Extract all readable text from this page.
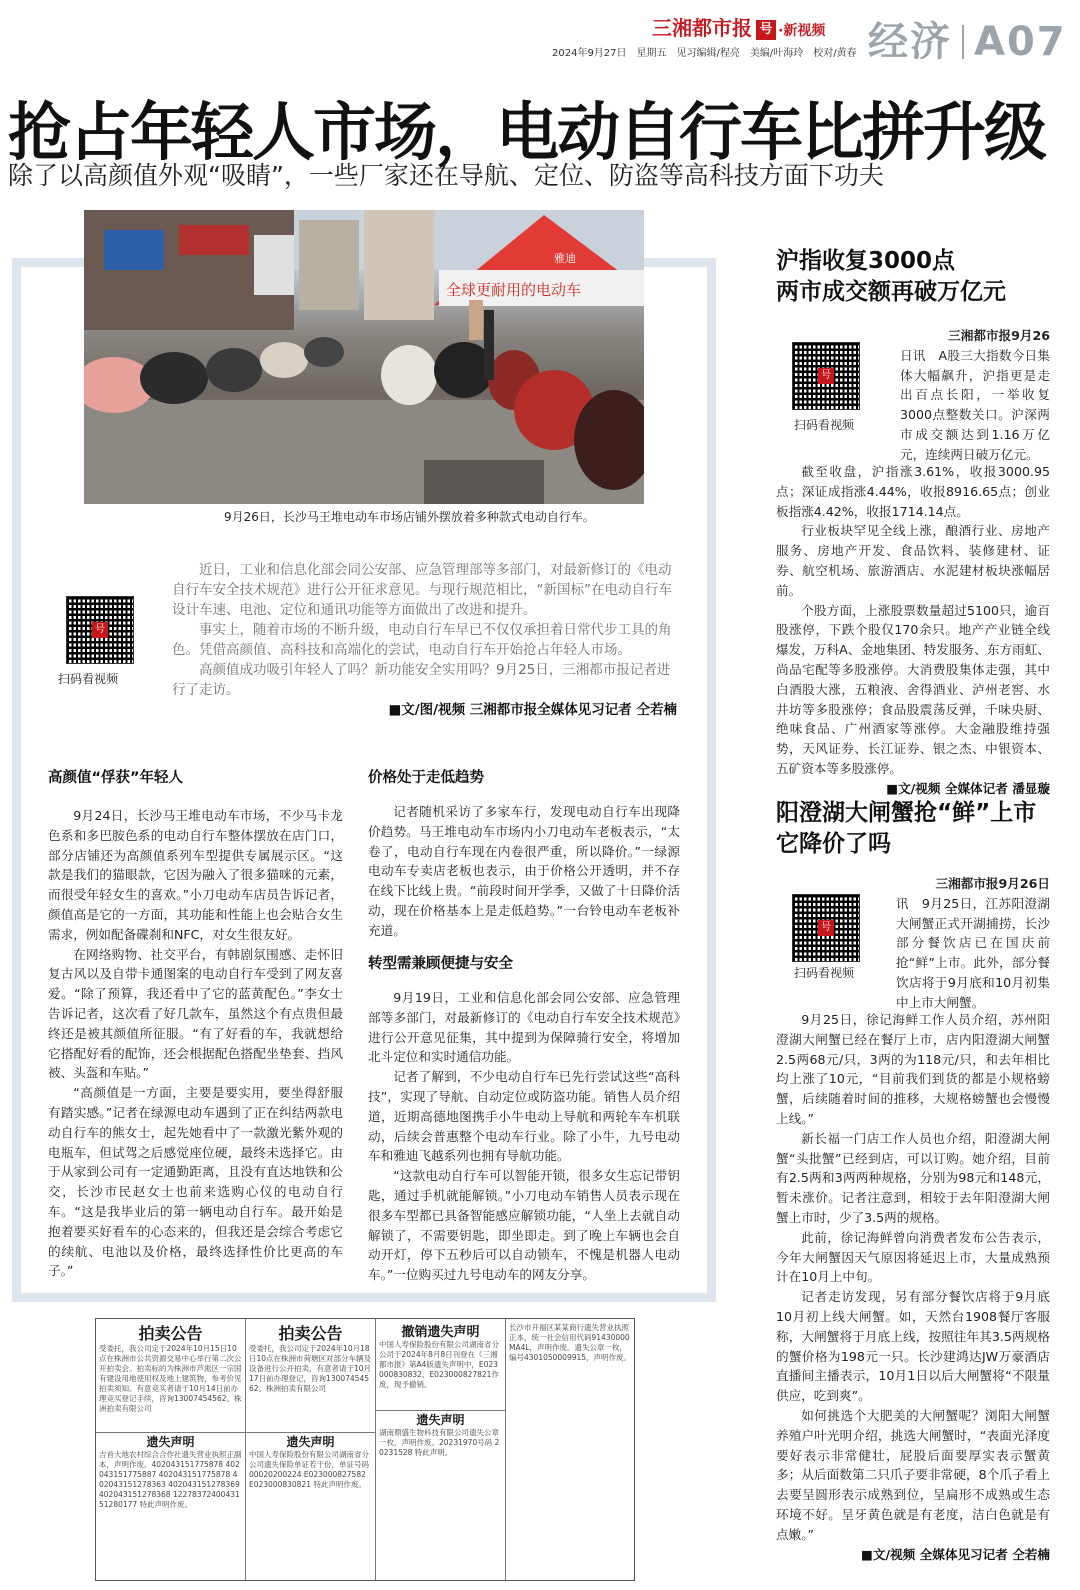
三湘都市报 号 ·新视频
2024年9月27日　星期五　见习编辑/程亮　美编/叶海玲　校对/黄春 经济 A07
抢占年轻人市场，电动自行车比拼升级
除了以高颜值外观“吸睛”，一些厂家还在导航、定位、防盗等高科技方面下功夫
全球更耐用的电动车
雅迪
9月26日，长沙马王堆电动车市场店铺外摆放着多种款式电动自行车。
号
扫码看视频

近日，工业和信息化部会同公安部、应急管理部等多部门，对最新修订的《电动自行车安全技术规范》进行公开征求意见。与现行规范相比，“新国标”在电动自行车设计车速、电池、定位和通讯功能等方面做出了改进和提升。

事实上，随着市场的不断升级，电动自行车早已不仅仅承担着日常代步工具的角色。凭借高颜值、高科技和高端化的尝试，电动自行车开始抢占年轻人市场。

高颜值成功吸引年轻人了吗？新功能安全实用吗？9月25日，三湘都市报记者进行了走访。

■文/图/视频 三湘都市报全媒体见习记者 仝若楠
高颜值“俘获”年轻人

9月24日，长沙马王堆电动车市场，不少马卡龙色系和多巴胺色系的电动自行车整体摆放在店门口，部分店铺还为高颜值系列车型提供专属展示区。“这款是我们的猫眼款，它因为融入了很多猫咪的元素，而很受年轻女生的喜欢。”小刀电动车店员告诉记者，颜值高是它的一方面，其功能和性能上也会贴合女生需求，例如配备碟刹和NFC，对女生很友好。

在网络购物、社交平台，有韩剧氛围感、走怀旧复古风以及自带卡通图案的电动自行车受到了网友喜爱。“除了预算，我还看中了它的蓝黄配色。”李女士告诉记者，这次看了好几款车，虽然这个有点贵但最终还是被其颜值所征服。“有了好看的车，我就想给它搭配好看的配饰，还会根据配色搭配坐垫套、挡风被、头盔和车贴。”

“高颜值是一方面，主要是要实用，要坐得舒服有踏实感。”记者在绿源电动车遇到了正在纠结两款电动自行车的熊女士，起先她看中了一款激光紫外观的电瓶车，但试驾之后感觉座位硬，最终未选择它。由于从家到公司有一定通勤距离，且没有直达地铁和公交，长沙市民赵女士也前来选购心仪的电动自行车。“这是我毕业后的第一辆电动自行车。最开始是抱着要买好看车的心态来的，但我还是会综合考虑它的续航、电池以及价格，最终选择性价比更高的车子。”

价格处于走低趋势

记者随机采访了多家车行，发现电动自行车出现降价趋势。马王堆电动车市场内小刀电动车老板表示，“太卷了，电动自行车现在内卷很严重，所以降价。”一绿源电动车专卖店老板也表示，由于价格公开透明，并不存在线下比线上贵。“前段时间开学季，又做了十日降价活动，现在价格基本上是走低趋势。”一台铃电动车老板补充道。

转型需兼顾便捷与安全

9月19日，工业和信息化部会同公安部、应急管理部等多部门，对最新修订的《电动自行车安全技术规范》进行公开意见征集，其中提到为保障骑行安全，将增加北斗定位和实时通信功能。

记者了解到，不少电动自行车已先行尝试这些“高科技”，实现了导航、自动定位或防盗功能。销售人员介绍道，近期高德地图携手小牛电动上导航和两轮车车机联动，后续会普惠整个电动车行业。除了小牛，九号电动车和雅迪飞越系列也拥有导航功能。

“这款电动自行车可以智能开锁，很多女生忘记带钥匙，通过手机就能解锁。”小刀电动车销售人员表示现在很多车型都已具备智能感应解锁功能，“人坐上去就自动解锁了，不需要钥匙，即坐即走。到了晚上车辆也会自动开灯，停下五秒后可以自动锁车，不愧是机器人电动车。”一位购买过九号电动车的网友分享。

沪指收复3000点
两市成交额再破万亿元
号
扫码看视频
三湘都市报9月26
日讯　A股三大指数今日集体大幅飙升，沪指更是走出百点长阳，一举收复3000点整数关口。沪深两市成交额达到1.16万亿元，连续两日破万亿元。

截至收盘，沪指涨3.61%，收报3000.95点；深证成指涨4.44%，收报8916.65点；创业板指涨4.42%，收报1714.14点。

行业板块罕见全线上涨，酿酒行业、房地产服务、房地产开发、食品饮料、装修建材、证券、航空机场、旅游酒店、水泥建材板块涨幅居前。

个股方面，上涨股票数量超过5100只，逾百股涨停，下跌个股仅170余只。地产产业链全线爆发，万科A、金地集团、特发服务、东方雨虹、尚品宅配等多股涨停。大消费股集体走强，其中白酒股大涨，五粮液、舍得酒业、泸州老窖、水井坊等多股涨停；食品股震荡反弹，千味央厨、绝味食品、广州酒家等涨停。大金融股维持强势，天风证券、长江证券、银之杰、中银资本、五矿资本等多股涨停。

■文/视频 全媒体记者 潘显璇
阳澄湖大闸蟹抢“鲜”上市
它降价了吗
号
扫码看视频
三湘都市报9月26日
讯　9月25日，江苏阳澄湖大闸蟹正式开湖捕捞，长沙部分餐饮店已在国庆前抢“鲜”上市。此外，部分餐饮店将于9月底和10月初集中上市大闸蟹。

9月25日，徐记海鲜工作人员介绍，苏州阳澄湖大闸蟹已经在餐厅上市，店内阳澄湖大闸蟹2.5两68元/只，3两的为118元/只，和去年相比均上涨了10元，“目前我们到货的都是小规格螃蟹，后续随着时间的推移，大规格螃蟹也会慢慢上线。”

新长福一门店工作人员也介绍，阳澄湖大闸蟹“头批蟹”已经到店，可以订购。她介绍，目前有2.5两和3两两种规格，分别为98元和148元，暂未涨价。记者注意到，相较于去年阳澄湖大闸蟹上市时，少了3.5两的规格。

此前，徐记海鲜曾向消费者发布公告表示，今年大闸蟹因天气原因将延迟上市，大量成熟预计在10月上中旬。

记者走访发现，另有部分餐饮店将于9月底10月初上线大闸蟹。如，天然台1908餐厅客服称，大闸蟹将于月底上线，按照往年其3.5两规格的蟹价格为198元一只。长沙建鸿达JW万豪酒店直播间主播表示，10月1日以后大闸蟹将“不限量供应，吃到爽”。

如何挑选个大肥美的大闸蟹呢？浏阳大闸蟹养殖户叶光明介绍，挑选大闸蟹时，“表面光泽度要好表示非常健壮，屁股后面要厚实表示蟹黄多；从后面数第二只爪子要非常硬，8个爪子看上去要呈圆形表示成熟到位，呈扁形不成熟或生态环境不好。呈牙黄色就是有老度，洁白色就是有点嫩。”

■文/视频 全媒体见习记者 仝若楠
拍卖公告
受委托，我公司定于2024年10月15日10点在株洲市公共资源交易中心举行第二次公开拍卖会。拍卖标的为株洲市芦淞区一宗国有建设用地使用权及地上建筑物，参考价见拍卖须知。有意竞买者请于10月14日前办理竞买登记手续，咨询13007454562。株洲拍卖有限公司
遗失声明
吉首大地农村综合合作社遗失营业执照正副本，声明作废。402043151775878 402043151775887 402043151775878 402043151278363 402043151278369 402043151278368 1227837240043151280177 特此声明作废。
拍卖公告
受委托，我公司定于2024年10月18日10点在株洲市荷塘区对部分车辆及设备进行公开拍卖，有意者请于10月17日前办理登记，咨询13007454562。株洲拍卖有限公司
遗失声明
中国人寿保险股份有限公司湖南省分公司遗失保险单证若干份，单证号码00020200224 E023000827582 E023000830821 特此声明作废。
撤销遗失声明
中国人寿保险股份有限公司湖南省分公司于2024年8月8日刊登在《三湘都市报》第A4版遗失声明中，E023000830832、E023000827821作废，现予撤销。
遗失声明
湖南鼎盛生物科技有限公司遗失公章一枚，声明作废。20231970号码 20231528 特此声明。
长沙市开福区某某商行遗失营业执照正本，统一社会信用代码91430000MA4L，声明作废。遗失公章一枚，编号4301050009915，声明作废。
